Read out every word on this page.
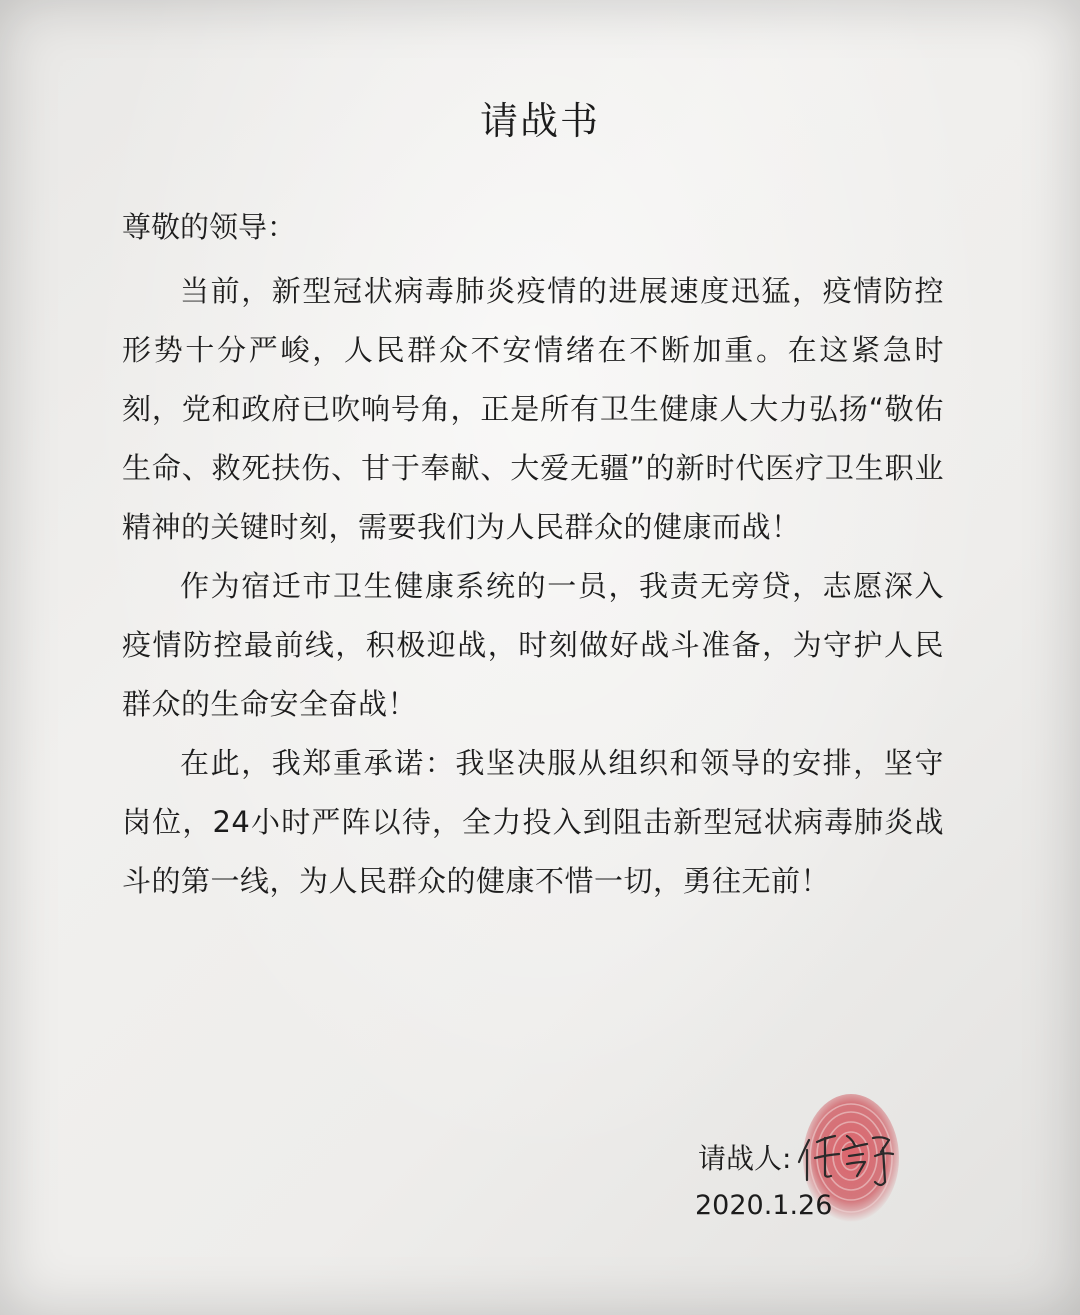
请战书
尊敬的领导：

当前，新型冠状病毒肺炎疫情的进展速度迅猛，疫情防控形势十分严峻，人民群众不安情绪在不断加重。在这紧急时刻，党和政府已吹响号角，正是所有卫生健康人大力弘扬“敬佑生命、救死扶伤、甘于奉献、大爱无疆”的新时代医疗卫生职业精神的关键时刻，需要我们为人民群众的健康而战！

作为宿迁市卫生健康系统的一员，我责无旁贷，志愿深入疫情防控最前线，积极迎战，时刻做好战斗准备，为守护人民群众的生命安全奋战！

在此，我郑重承诺：我坚决服从组织和领导的安排，坚守岗位，24小时严阵以待，全力投入到阻击新型冠状病毒肺炎战斗的第一线，为人民群众的健康不惜一切，勇往无前！

请战人:
2020.1.26
